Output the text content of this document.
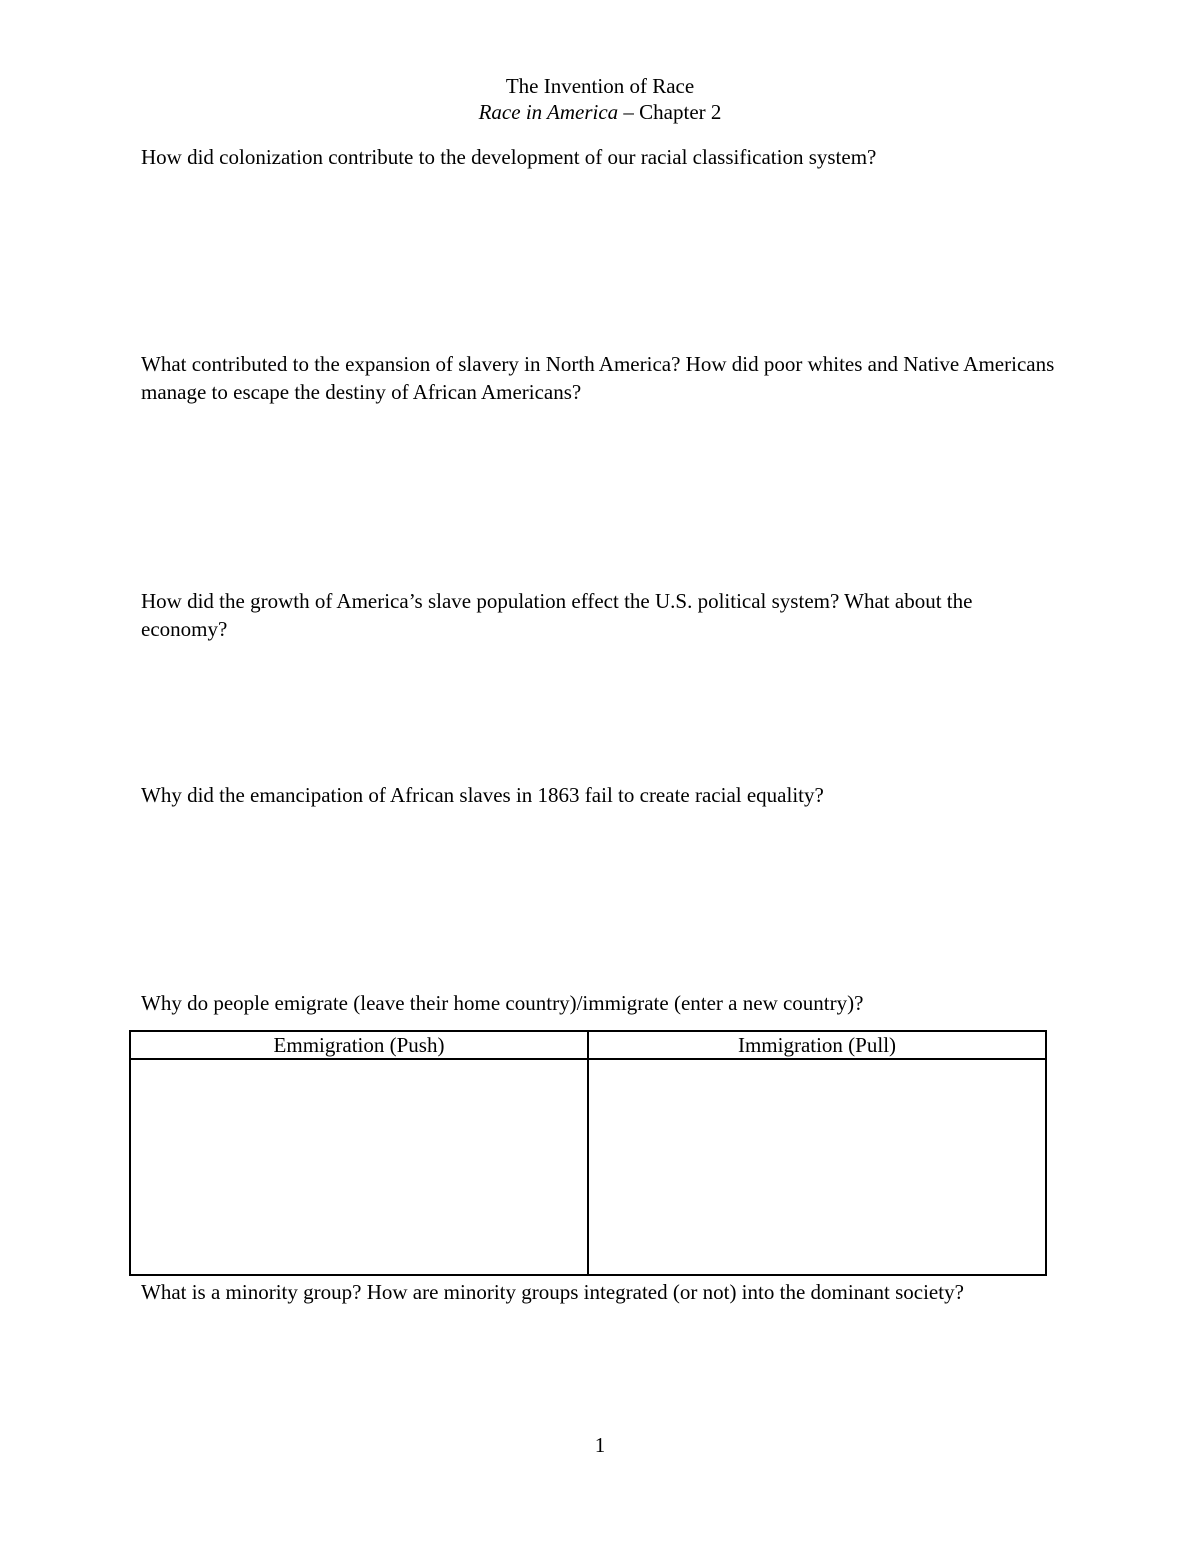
The Invention of Race
Race in America – Chapter 2
How did colonization contribute to the development of our racial classification system?
What contributed to the expansion of slavery in North America? How did poor whites and Native Americans manage to escape the destiny of African Americans?
How did the growth of America’s slave population effect the U.S. political system? What about the economy?
Why did the emancipation of African slaves in 1863 fail to create racial equality?
Why do people emigrate (leave their home country)/immigrate (enter a new country)?
Emmigration (Push)	Immigration (Pull)

What is a minority group? How are minority groups integrated (or not) into the dominant society?
1
